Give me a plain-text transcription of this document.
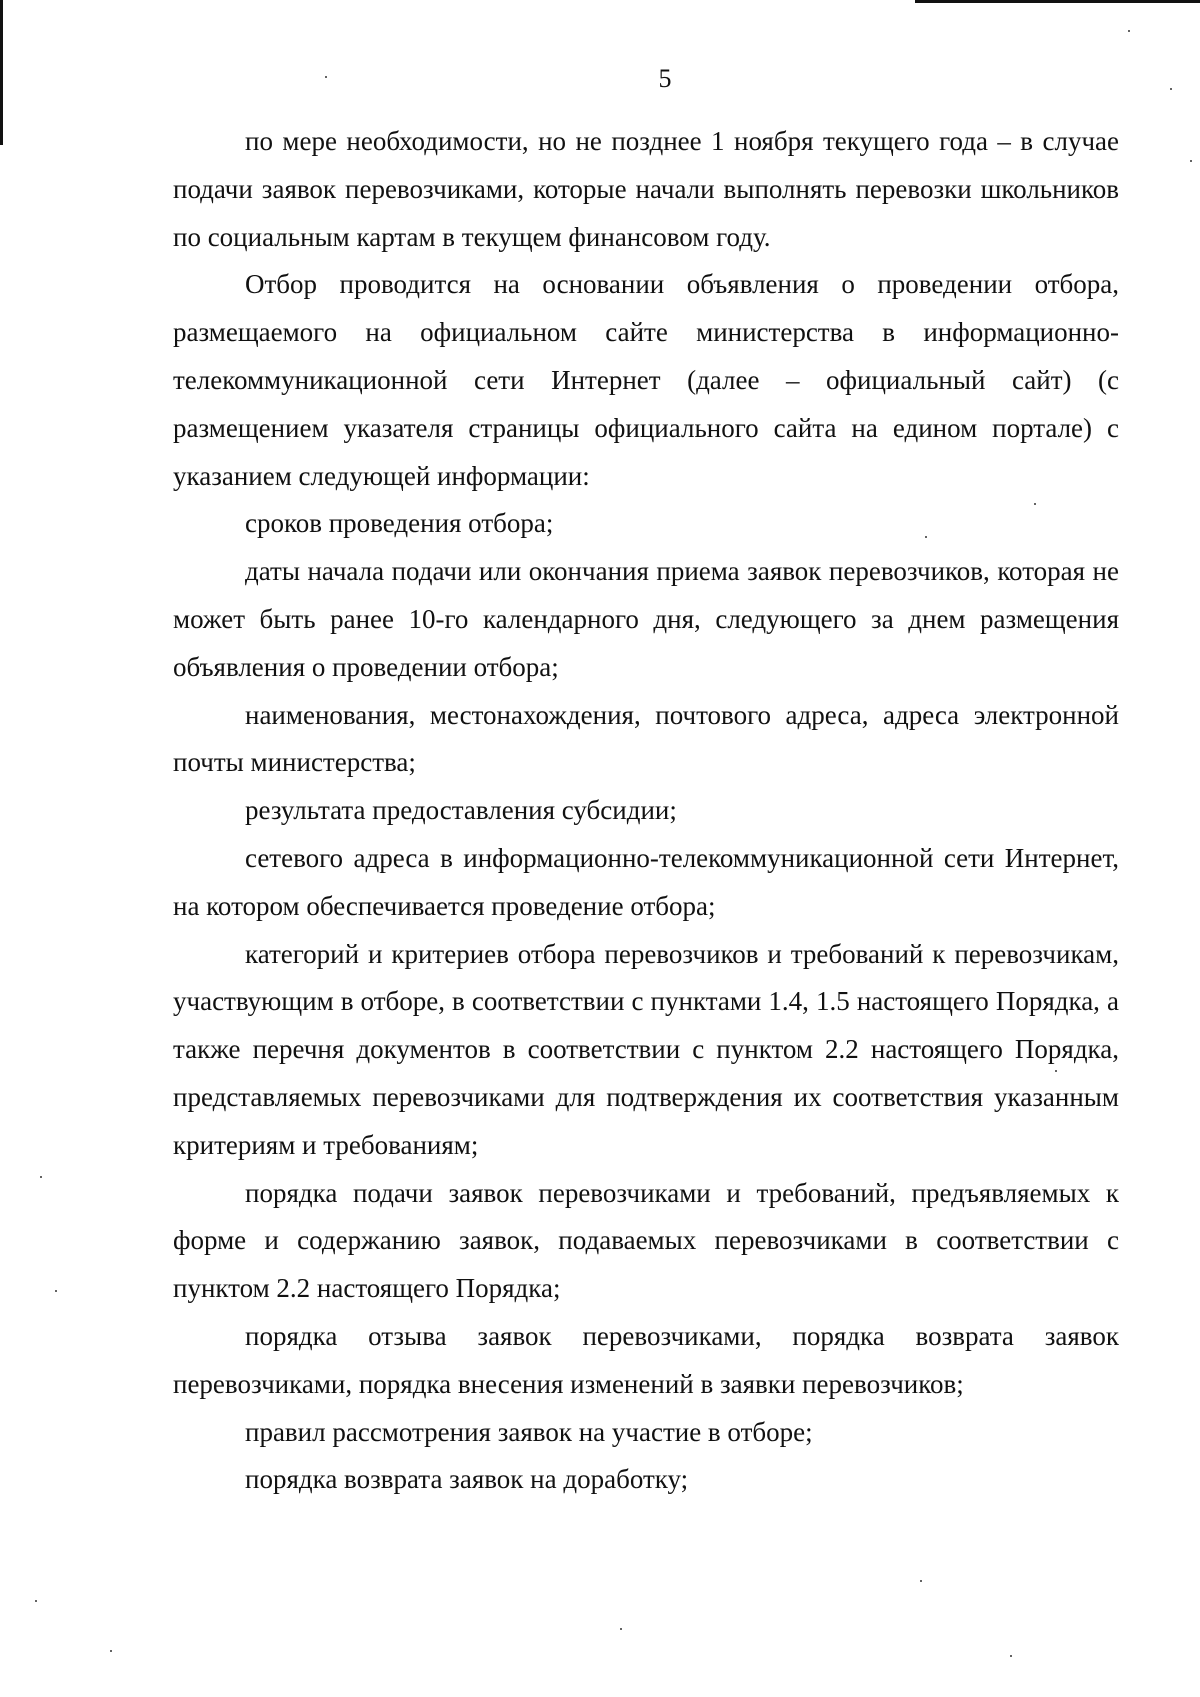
5

по мере необходимости, но не позднее 1 ноября текущего года – в случае подачи заявок перевозчиками, которые начали выполнять перевозки школьников по социальным картам в текущем финансовом году.

Отбор проводится на основании объявления о проведении отбора, размещаемого на официальном сайте министерства в информационно-телекоммуникационной сети Интернет (далее – официальный сайт) (с размещением указателя страницы официального сайта на едином портале) с указанием следующей информации:

сроков проведения отбора;

даты начала подачи или окончания приема заявок перевозчиков, которая не может быть ранее 10-го календарного дня, следующего за днем размещения объявления о проведении отбора;

наименования, местонахождения, почтового адреса, адреса электронной почты министерства;

результата предоставления субсидии;

сетевого адреса в информационно-телекоммуникационной сети Интернет, на котором обеспечивается проведение отбора;

категорий и критериев отбора перевозчиков и требований к перевозчикам, участвующим в отборе, в соответствии с пунктами 1.4, 1.5 настоящего Порядка, а также перечня документов в соответствии с пунктом 2.2 настоящего Порядка, представляемых перевозчиками для подтверждения их соответствия указанным критериям и требованиям;

порядка подачи заявок перевозчиками и требований, предъявляемых к форме и содержанию заявок, подаваемых перевозчиками в соответствии с пунктом 2.2 настоящего Порядка;

порядка отзыва заявок перевозчиками, порядка возврата заявок перевозчиками, порядка внесения изменений в заявки перевозчиков;

правил рассмотрения заявок на участие в отборе;

порядка возврата заявок на доработку;
